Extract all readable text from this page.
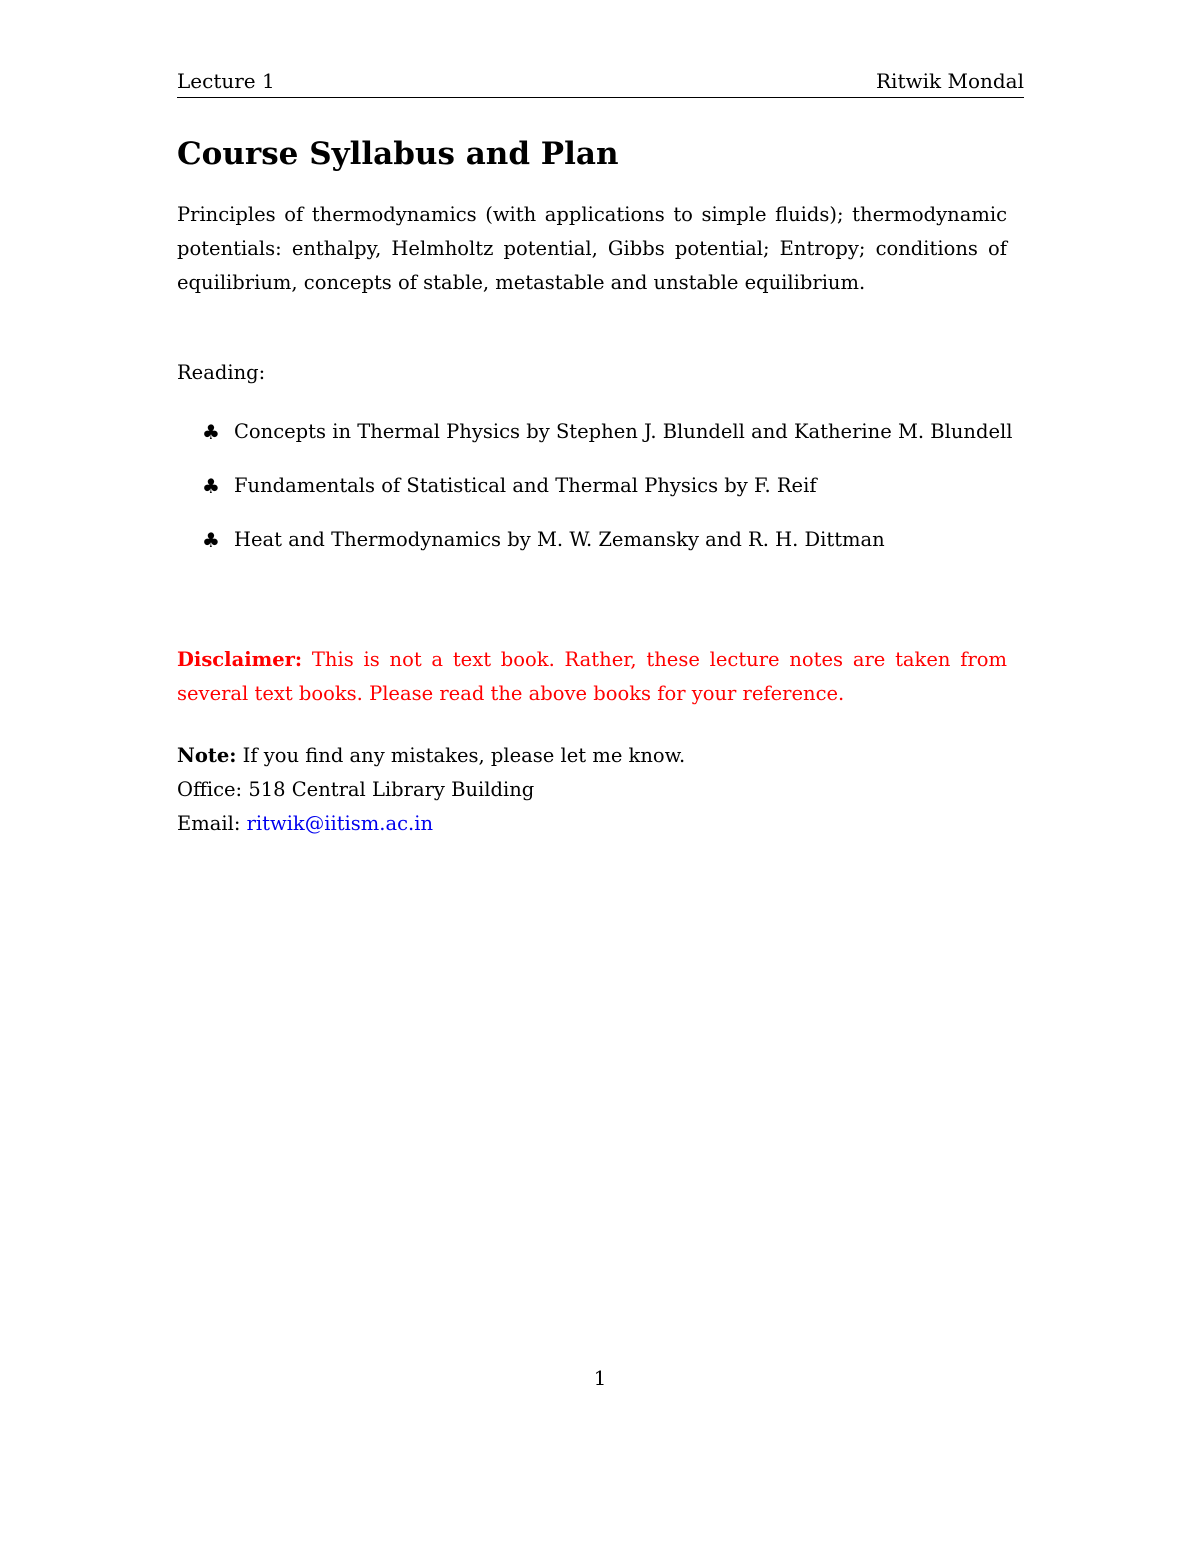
Lecture 1	Ritwik Mondal
Course Syllabus and Plan

Principles of thermodynamics (with applications to simple fluids); thermodynamic potentials: enthalpy, Helmholtz potential, Gibbs potential; Entropy; conditions of equilibrium, concepts of stable, metastable and unstable equilibrium.

Reading:

♣ Concepts in Thermal Physics by Stephen J. Blundell and Katherine M. Blundell
♣ Fundamentals of Statistical and Thermal Physics by F. Reif
♣ Heat and Thermodynamics by M. W. Zemansky and R. H. Dittman

Disclaimer: This is not a text book. Rather, these lecture notes are taken from several text books. Please read the above books for your reference.

Note: If you find any mistakes, please let me know.
Office: 518 Central Library Building
Email: ritwik@iitism.ac.in
1
